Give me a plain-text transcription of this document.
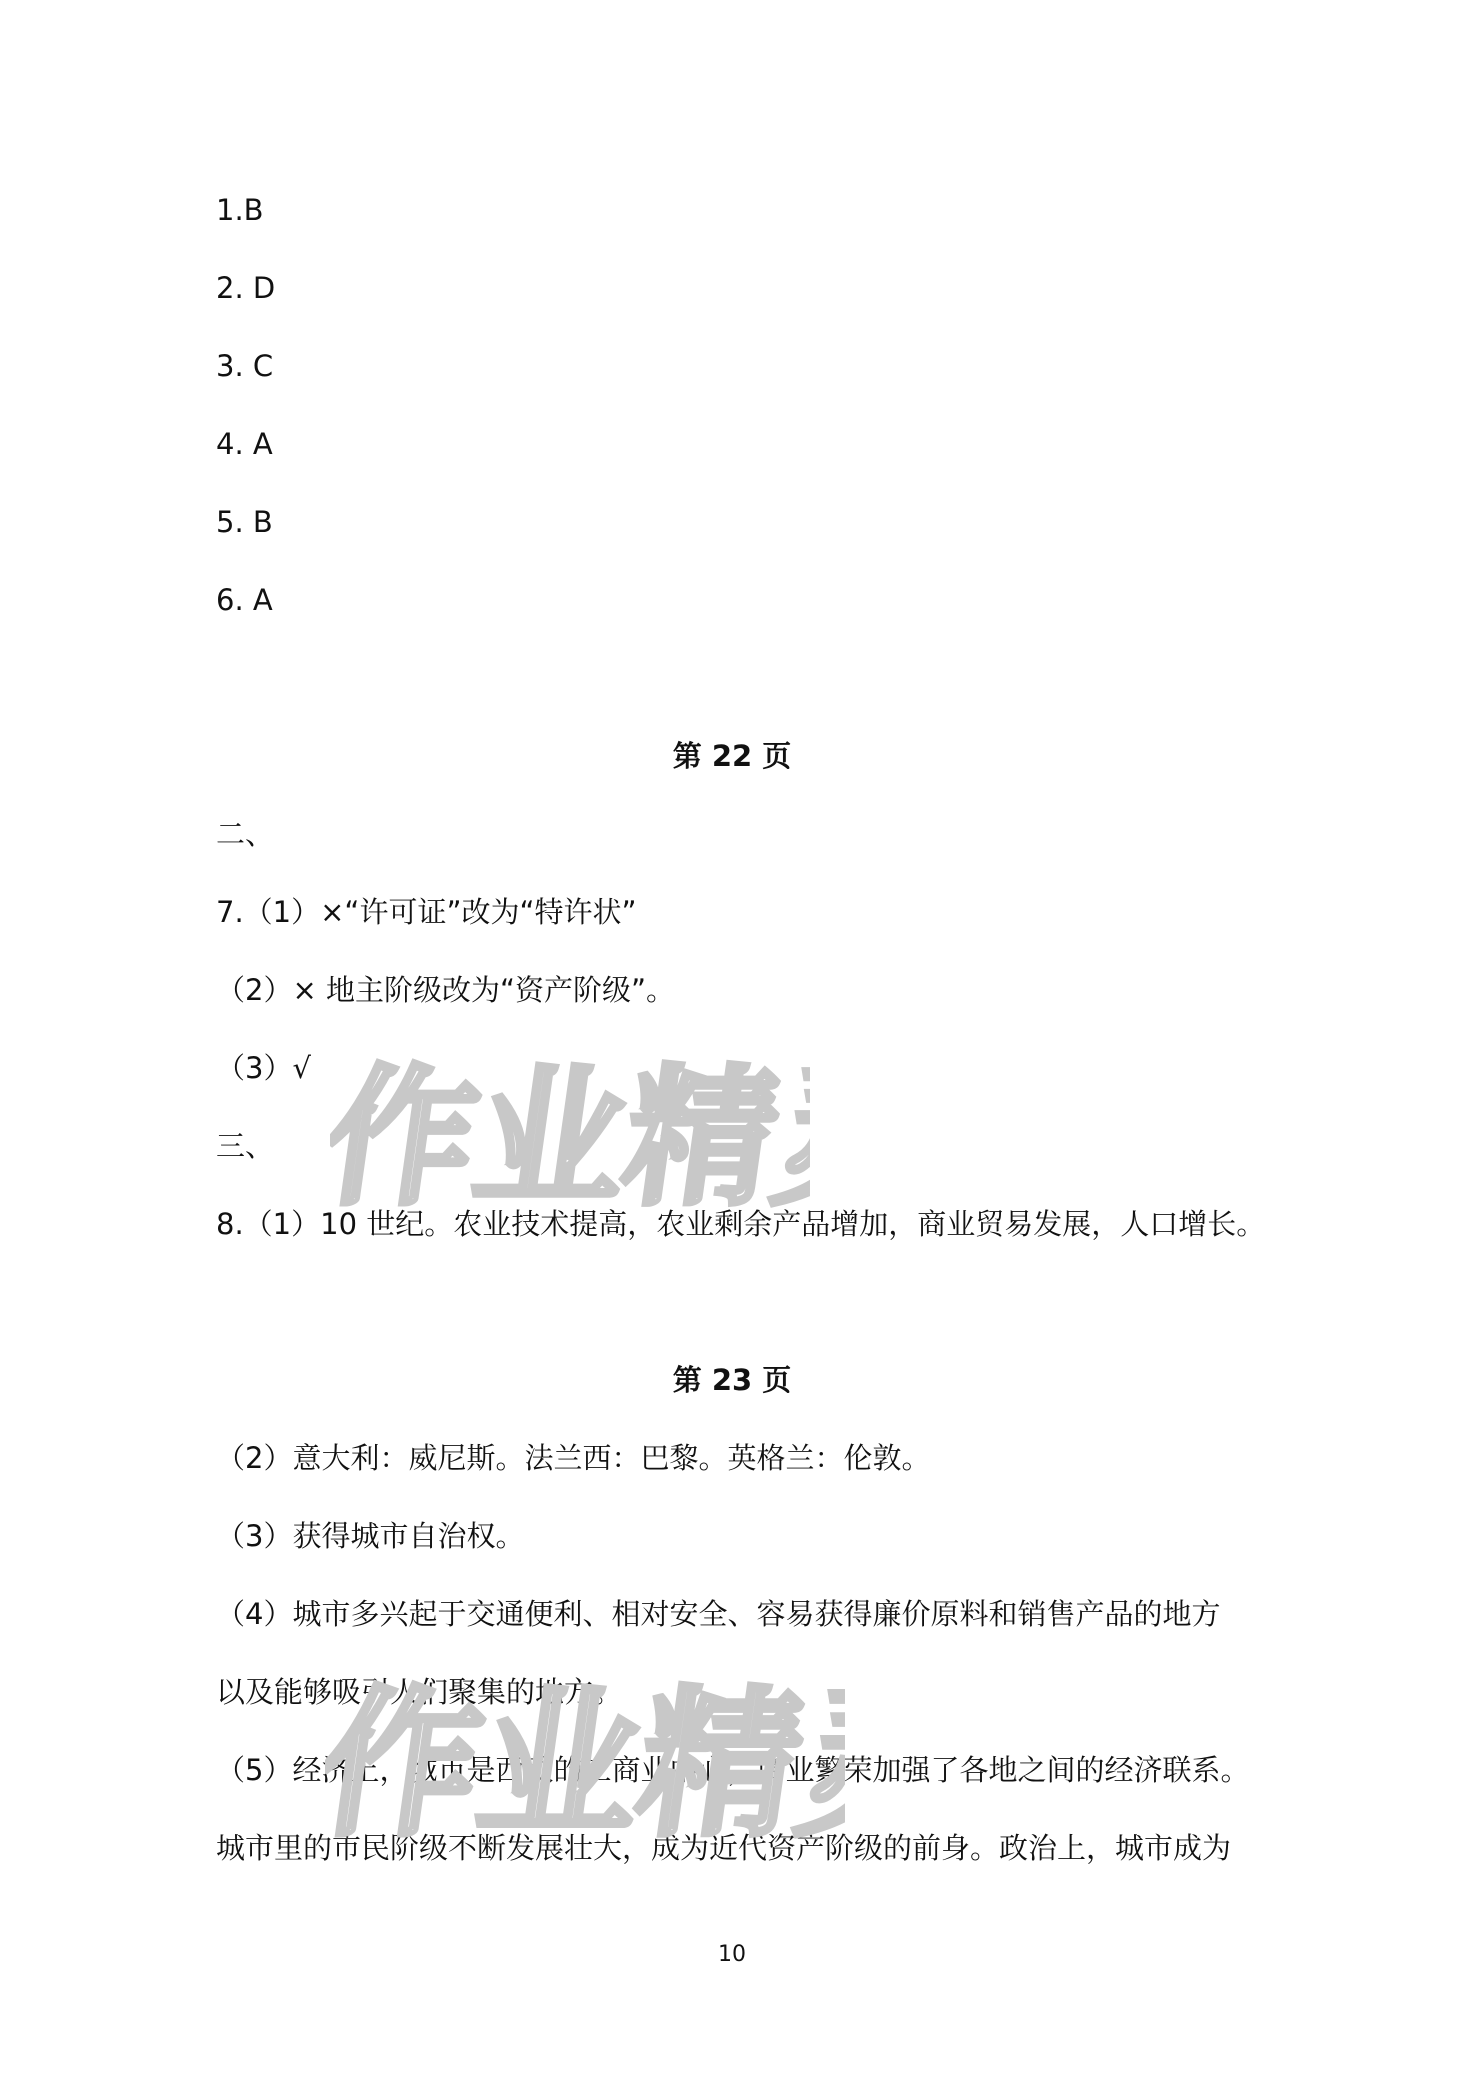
1.B
2. D
3. C
4. A
5. B
6. A
第 22 页
二、
7.（1）×“许可证”改为“特许状”
（2）× 地主阶级改为“资产阶级”。
（3）√
三、
8.（1）10 世纪。农业技术提高，农业剩余产品增加，商业贸易发展，人口增长。
第 23 页
（2）意大利：威尼斯。法兰西：巴黎。英格兰：伦敦。
（3）获得城市自治权。
（4）城市多兴起于交通便利、相对安全、容易获得廉价原料和销售产品的地方
以及能够吸引人们聚集的地方。
（5）经济上，城市是西欧的工商业中心，商业繁荣加强了各地之间的经济联系。
城市里的市民阶级不断发展壮大，成为近代资产阶级的前身。政治上，城市成为
作业精灵
作业精灵
10
